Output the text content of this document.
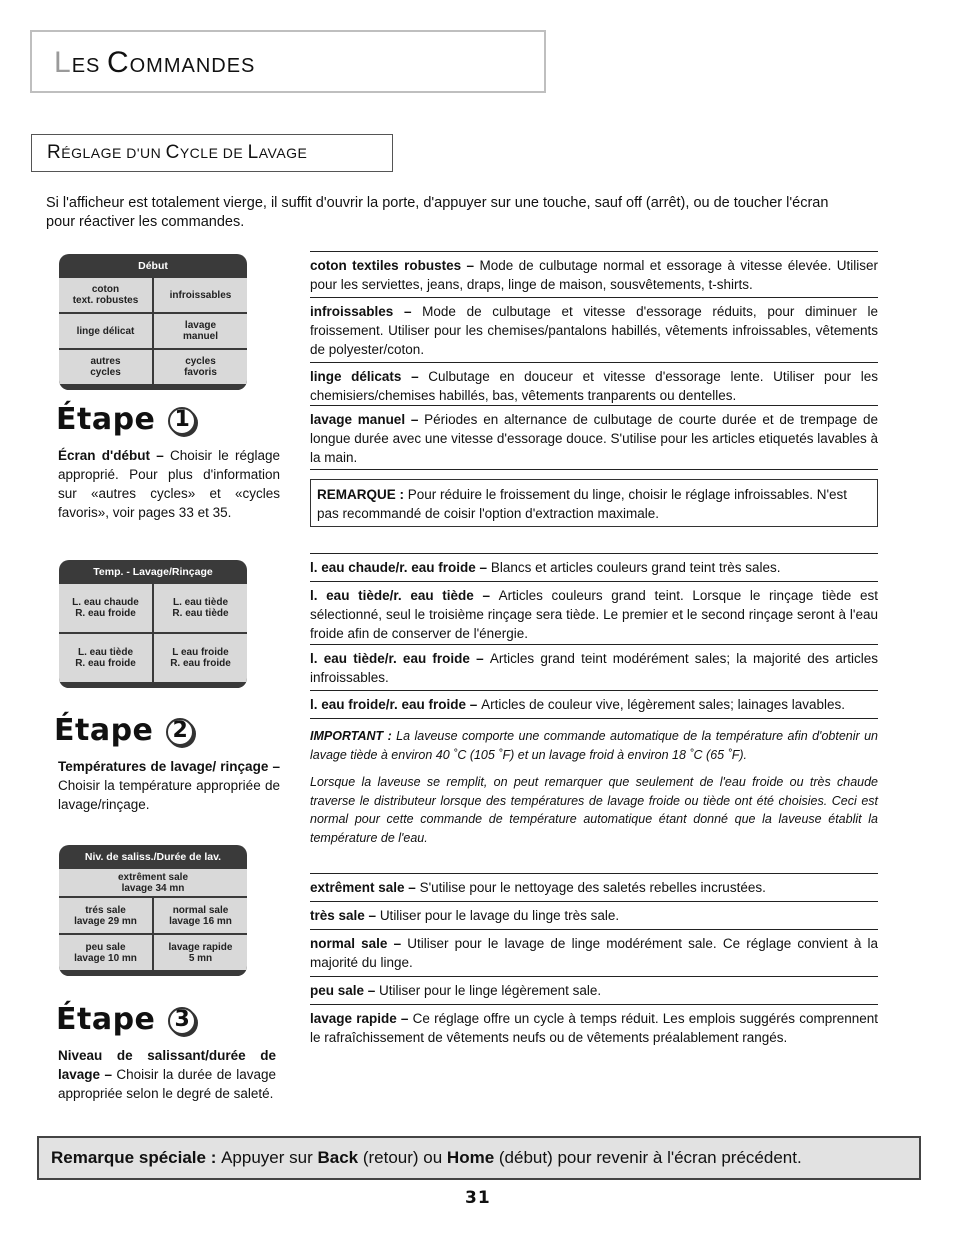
LES COMMANDES
RÉGLAGE D'UN CYCLE DE LAVAGE
Si l'afficheur est totalement vierge, il suffit d'ouvrir la porte, d'appuyer sur une touche, sauf off (arrêt), ou de toucher l'écran pour réactiver les commandes.
Début
coton
text. robustes	infroissables
linge délicat	lavage
manuel
autres
cycles
cycles
favoris
Étape 1
Écran d'début – Choisir le réglage approprié. Pour plus d'information sur «autres cycles» et «cycles favoris», voir pages 33 et 35.
Temp. - Lavage/Rinçage
L. eau chaude
R. eau froide
L. eau tiède
R. eau tiède
L. eau tiède
R. eau froide
L eau froide
R. eau froide
Étape 2
Températures de lavage/ rinçage – Choisir la température appropriée de lavage/rinçage.
Niv. de saliss./Durée de lav.
extrêment sale
lavage 34 mn
trés sale
lavage 29 mn
normal sale
lavage 16 mn
peu sale
lavage 10 mn
lavage rapide
5 mn
Étape 3
Niveau de salissant/durée de lavage – Choisir la durée de lavage appropriée selon le degré de saleté.
coton textiles robustes – Mode de culbutage normal et essorage à vitesse élevée. Utiliser pour les serviettes, jeans, draps, linge de maison, sousvêtements, t-shirts.
infroissables – Mode de culbutage et vitesse d'essorage réduits, pour diminuer le froissement. Utiliser pour les chemises/pantalons habillés, vêtements infroissables, vêtements de polyester/coton.
linge délicats – Culbutage en douceur et vitesse d'essorage lente. Utiliser pour les chemisiers/chemises habillés, bas, vêtements tranparents ou dentelles.
lavage manuel – Périodes en alternance de culbutage de courte durée et de trempage de longue durée avec une vitesse d'essorage douce. S'utilise pour les articles etiquetés lavables à la main.
REMARQUE : Pour réduire le froissement du linge, choisir le réglage infroissables. N'est pas recommandé de coisir l'option d'extraction maximale.
l. eau chaude/r. eau froide – Blancs et articles couleurs grand teint très sales.
l. eau tiède/r. eau tiède – Articles couleurs grand teint. Lorsque le rinçage tiède est sélectionné, seul le troisième rinçage sera tiède. Le premier et le second rinçage seront à l'eau froide afin de conserver de l'énergie.
l. eau tiède/r. eau froide – Articles grand teint modérément sales; la majorité des articles infroissables.
l. eau froide/r. eau froide – Articles de couleur vive, légèrement sales; lainages lavables.
IMPORTANT : La laveuse comporte une commande automatique de la température afin d'obtenir un lavage tiède à environ 40 ˚C (105 ˚F) et un lavage froid à environ 18 ˚C (65 ˚F).
Lorsque la laveuse se remplit, on peut remarquer que seulement de l'eau froide ou très chaude traverse le distributeur lorsque des températures de lavage froide ou tiède ont été choisies. Ceci est normal pour cette commande de température automatique étant donné que la laveuse établit la température de l'eau.
extrêment sale – S'utilise pour le nettoyage des saletés rebelles incrustées.
très sale – Utiliser pour le lavage du linge très sale.
normal sale – Utiliser pour le lavage de linge modérément sale. Ce réglage convient à la majorité du linge.
peu sale – Utiliser pour le linge légèrement sale.
lavage rapide – Ce réglage offre un cycle à temps réduit. Les emplois suggérés comprennent le rafraîchissement de vêtements neufs ou de vêtements préalablement rangés.
Remarque spéciale : Appuyer sur Back (retour) ou Home (début) pour revenir à l'écran précédent.
31
